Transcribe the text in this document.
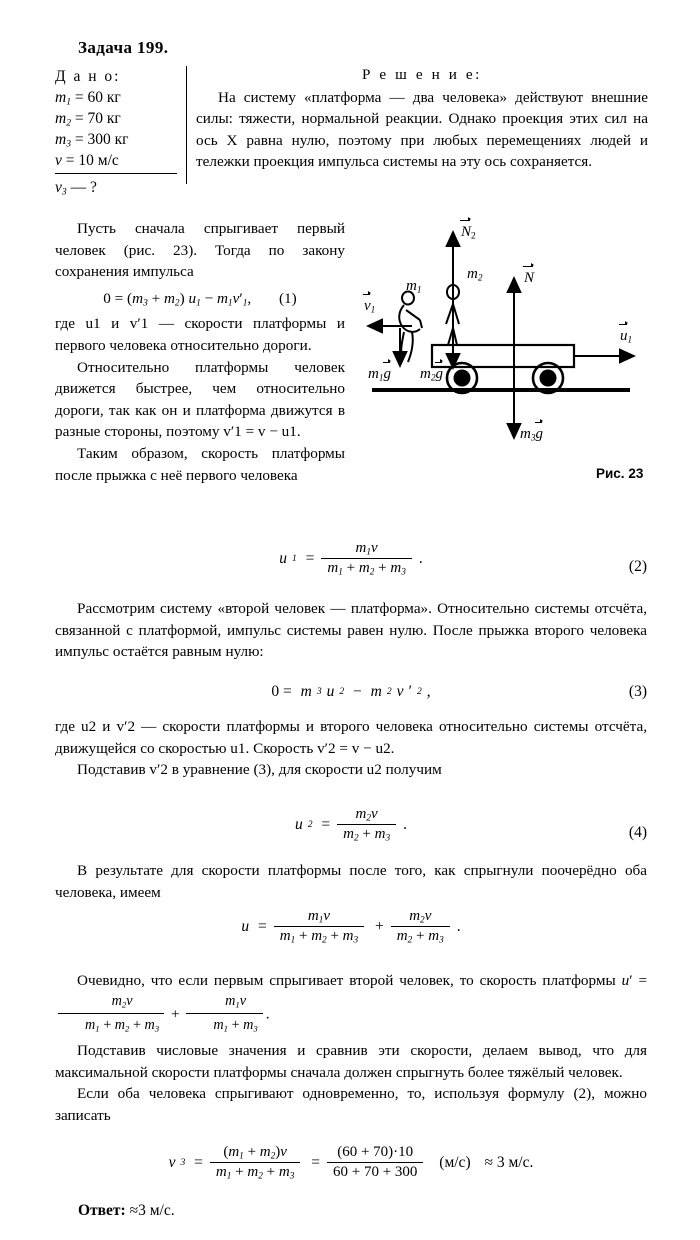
Задача 199.
Д а н о:
$m_1 = 60$ кг
$m_2 = 70$ кг
$m_3 = 300$ кг
v = 10 м/с
$v_3$ — ?
Р е ш е н и е:

На систему «платформа — два человека» действуют внешние силы: тяжести, нормальной реакции. Однако проекция этих сил на ось X равна нулю, поэтому при любых перемещениях людей и тележки проекция импульса системы на эту ось сохраняется.

Пусть сначала спрыгивает первый человек (рис. 23). Тогда по закону сохранения импульса

$0 = (m_3 + m_2) u_1 - m_1v'_1$, (1)

где u1 и v′1 — скорости платформы и первого человека относительно дороги.

Относительно платформы человек движется быстрее, чем относительно дороги, так как он и платформа движутся в разные стороны, поэтому v′1 = v − u1.

Таким образом, скорость платформы после прыжка с неё первого человека

$v_1$
$m_1$
$m_2$
$N_2$
N
$u_1$
$m_1g$ $m_2g$
$m_3g$
Рис. 23
u $1 = \frac{m_1v}{m_1 + m_2 + m_3}$ .	(2)

Рассмотрим систему «второй человек — платформа». Относительно системы отсчёта, связанной с платформой, импульс системы равен нулю. После прыжка второго человека импульс остаётся равным нулю:

0 = m 3 u 2 − m 2 v ′ 2 ,	(3)

где u2 и v′2 — скорости платформы и второго человека относительно системы отсчёта, движущейся со скоростью u1. Скорость v′2 = v − u2.

Подставив v′2 в уравнение (3), для скорости u2 получим

u $2 = \frac{m_2v}{m_2 + m_3}$ .	(4)

В результате для скорости платформы после того, как спрыгнули поочерёдно оба человека, имеем

$u = \frac{m_1v}{m_1 + m_2 + m_3} + \frac{m_2v}{m_2 + m_3}$ .

Очевидно, что если первым спрыгивает второй человек, то скорость платформы u′ =
$\frac{m_2v}{m_1 + m_2 + m_3} + \frac{m_1v}{m_1 + m_3}$ .

Подставив числовые значения и сравнив эти скорости, делаем вывод, что для максимальной скорости платформы сначала должен спрыгнуть более тяжёлый человек.

Если оба человека спрыгивают одновременно, то, используя формулу (2), можно записать

v $3 = \frac{(m_1 + m_2)v}{m_1 + m_2 + m_3} = \frac{(60 + 70)\cdot 10}{60 + 70 + 300}$
(м/с)
≈ 3 м/с.
Ответ: ≈3 м/с.
